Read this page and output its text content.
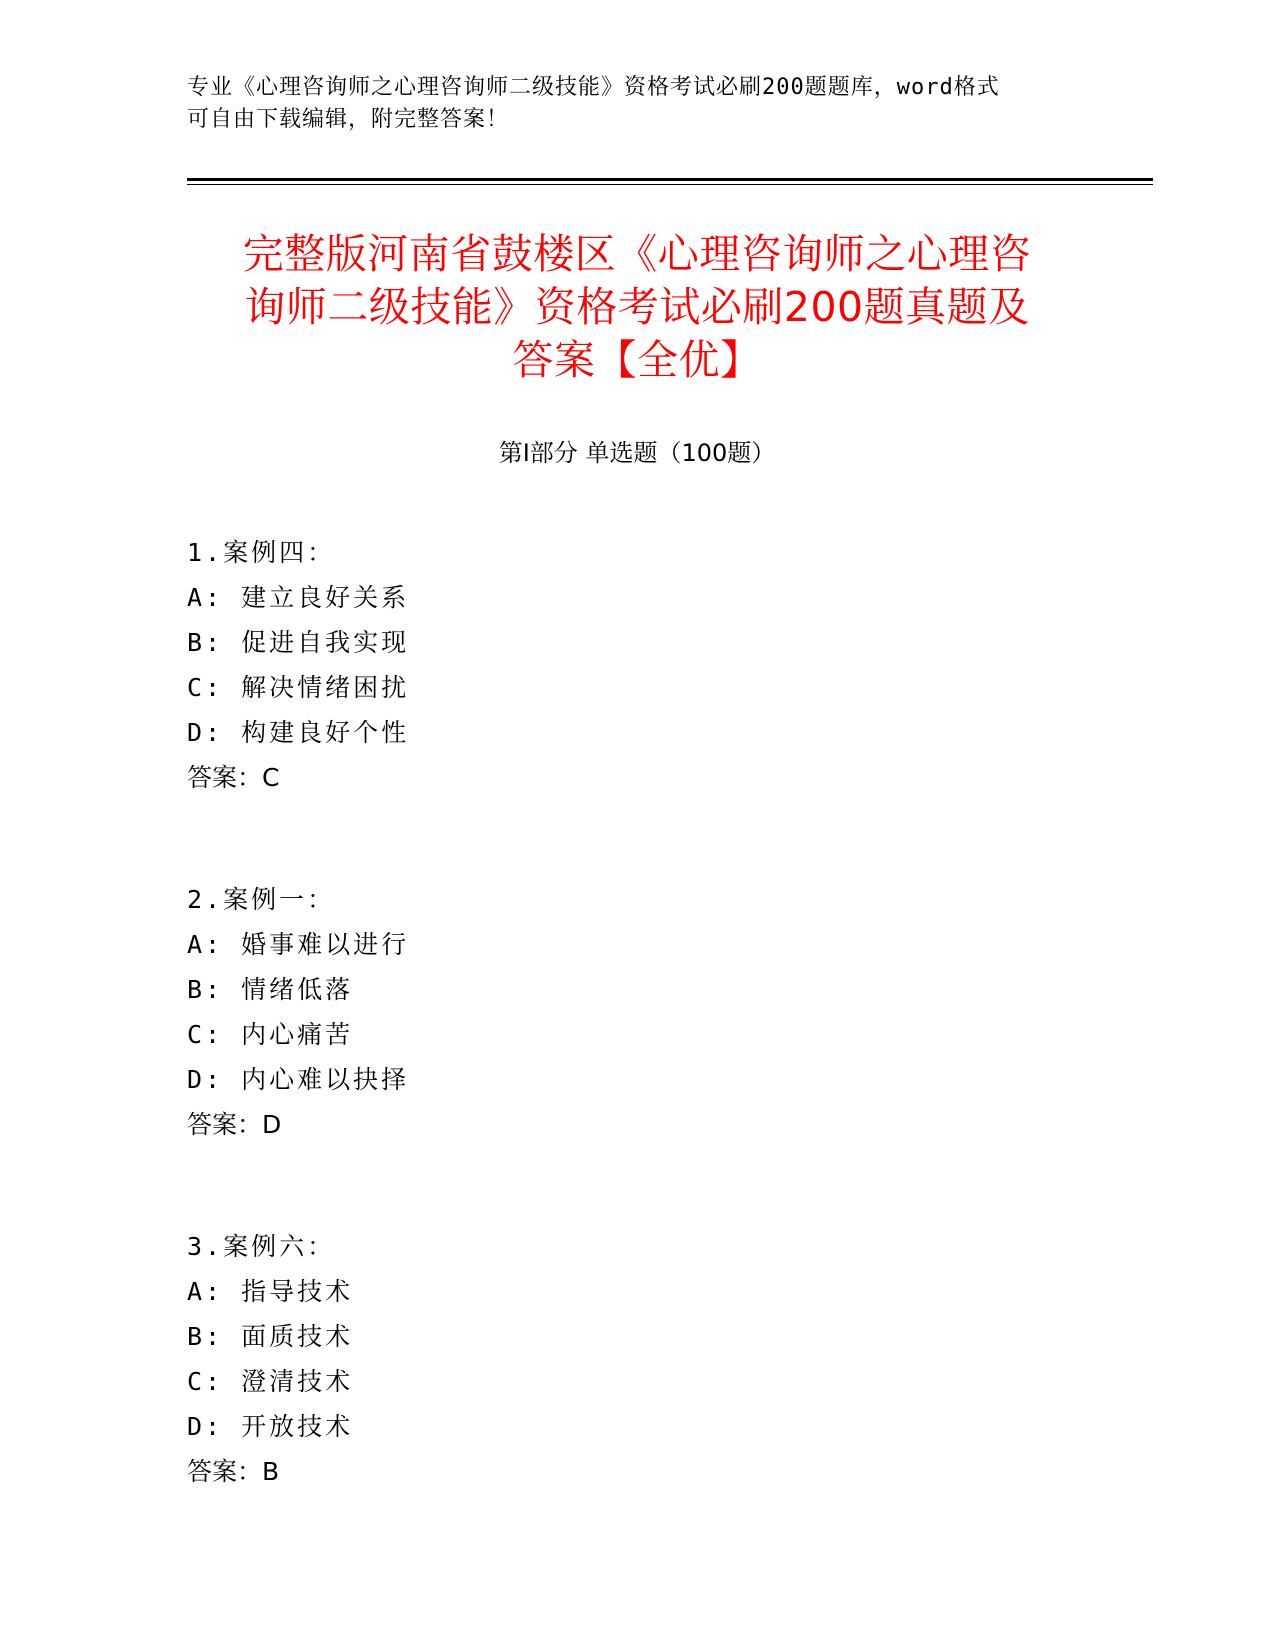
专业《心理咨询师之心理咨询师二级技能》资格考试必刷200题题库，word格式
可自由下载编辑，附完整答案！
完整版河南省鼓楼区《心理咨询师之心理咨
询师二级技能》资格考试必刷200题真题及
答案【全优】
第Ⅰ部分 单选题（100题）
1.案例四：
A: 建立良好关系
B: 促进自我实现
C: 解决情绪困扰
D: 构建良好个性
答案：C
2.案例一：
A: 婚事难以进行
B: 情绪低落
C: 内心痛苦
D: 内心难以抉择
答案：D
3.案例六：
A: 指导技术
B: 面质技术
C: 澄清技术
D: 开放技术
答案：B
